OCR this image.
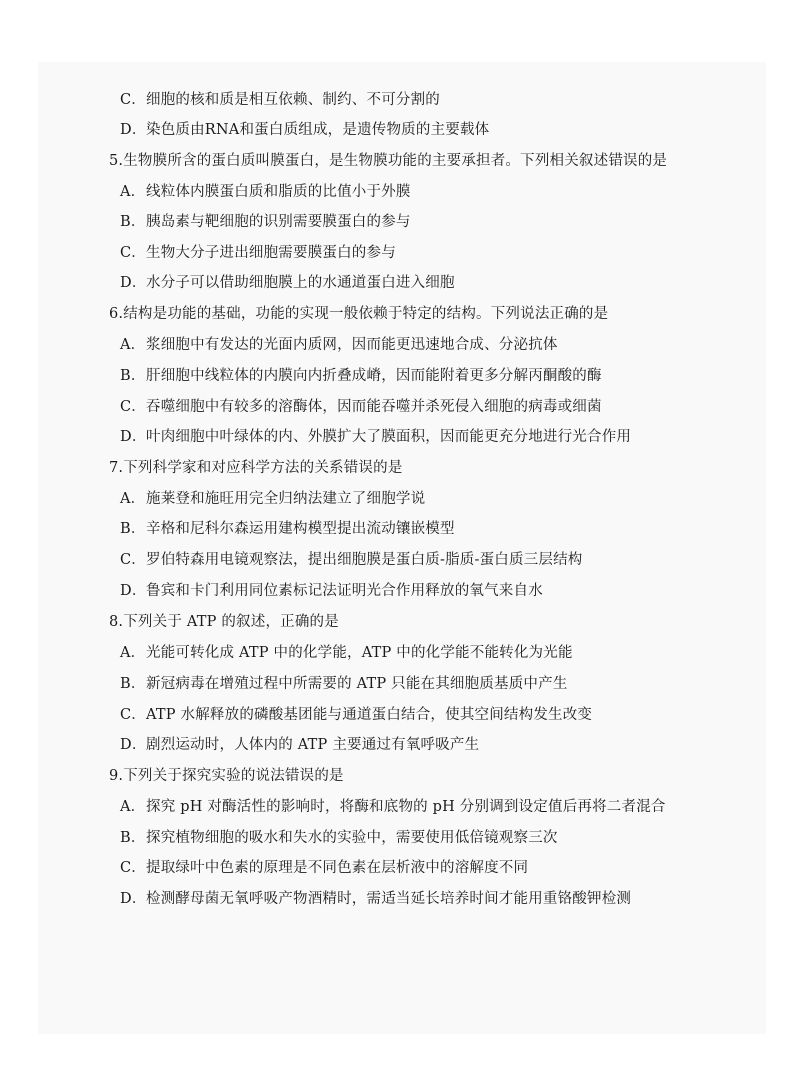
C．细胞的核和质是相互依赖、制约、不可分割的
D．染色质由RNA和蛋白质组成，是遗传物质的主要载体
5.生物膜所含的蛋白质叫膜蛋白，是生物膜功能的主要承担者。下列相关叙述错误的是
A．线粒体内膜蛋白质和脂质的比值小于外膜
B．胰岛素与靶细胞的识别需要膜蛋白的参与
C．生物大分子进出细胞需要膜蛋白的参与
D．水分子可以借助细胞膜上的水通道蛋白进入细胞
6.结构是功能的基础，功能的实现一般依赖于特定的结构。下列说法正确的是
A．浆细胞中有发达的光面内质网，因而能更迅速地合成、分泌抗体
B．肝细胞中线粒体的内膜向内折叠成嵴，因而能附着更多分解丙酮酸的酶
C．吞噬细胞中有较多的溶酶体，因而能吞噬并杀死侵入细胞的病毒或细菌
D．叶肉细胞中叶绿体的内、外膜扩大了膜面积，因而能更充分地进行光合作用
7.下列科学家和对应科学方法的关系错误的是
A．施莱登和施旺用完全归纳法建立了细胞学说
B．辛格和尼科尔森运用建构模型提出流动镶嵌模型
C．罗伯特森用电镜观察法，提出细胞膜是蛋白质-脂质-蛋白质三层结构
D．鲁宾和卡门利用同位素标记法证明光合作用释放的氧气来自水
8.下列关于 ATP 的叙述，正确的是
A．光能可转化成 ATP 中的化学能，ATP 中的化学能不能转化为光能
B．新冠病毒在增殖过程中所需要的 ATP 只能在其细胞质基质中产生
C．ATP 水解释放的磷酸基团能与通道蛋白结合，使其空间结构发生改变
D．剧烈运动时，人体内的 ATP 主要通过有氧呼吸产生
9.下列关于探究实验的说法错误的是
A．探究 pH 对酶活性的影响时，将酶和底物的 pH 分别调到设定值后再将二者混合
B．探究植物细胞的吸水和失水的实验中，需要使用低倍镜观察三次
C．提取绿叶中色素的原理是不同色素在层析液中的溶解度不同
D．检测酵母菌无氧呼吸产物酒精时，需适当延长培养时间才能用重铬酸钾检测
